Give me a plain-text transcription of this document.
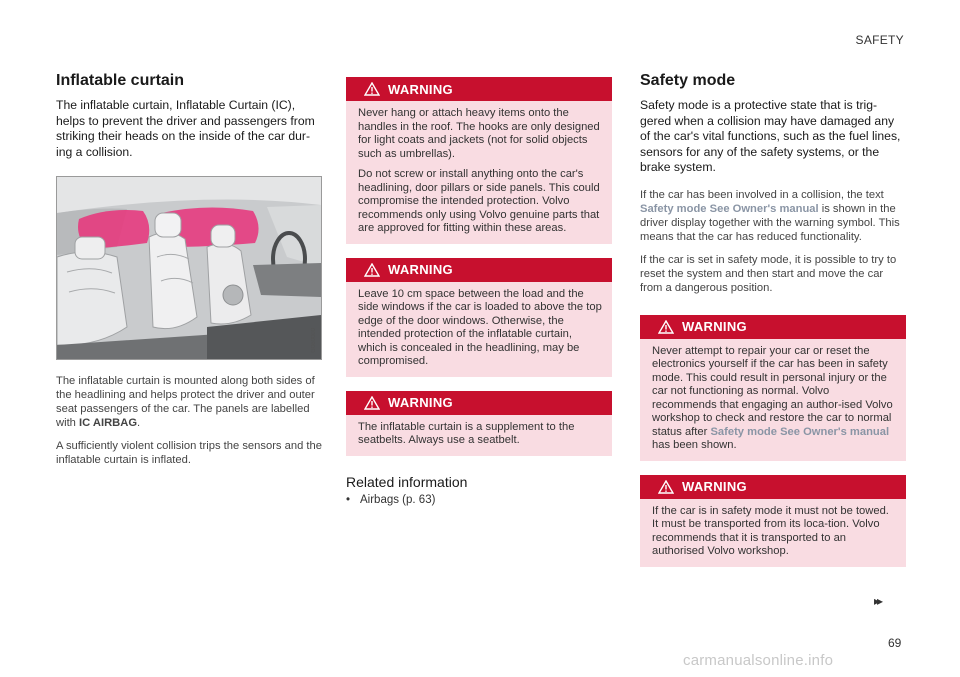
SAFETY
Inflatable curtain

The inflatable curtain, Inflatable Curtain (IC), helps to prevent the driver and passengers from striking their heads on the inside of the car dur-ing a collision.

G060000

The inflatable curtain is mounted along both sides of the headlining and helps protect the driver and outer seat passengers of the car. The panels are labelled with IC AIRBAG.

A sufficiently violent collision trips the sensors and the inflatable curtain is inflated.

WARNING

Never hang or attach heavy items onto the handles in the roof. The hooks are only designed for light coats and jackets (not for solid objects such as umbrellas).

Do not screw or install anything onto the car's headlining, door pillars or side panels. This could compromise the intended protection. Volvo recommends only using Volvo genuine parts that are approved for fitting within these areas.

WARNING

Leave 10 cm space between the load and the side windows if the car is loaded to above the top edge of the door windows. Otherwise, the intended protection of the inflatable curtain, which is concealed in the headlining, may be compromised.

WARNING

The inflatable curtain is a supplement to the seatbelts. Always use a seatbelt.

Related information
• Airbags (p. 63)
Safety mode

Safety mode is a protective state that is trig-gered when a collision may have damaged any of the car's vital functions, such as the fuel lines, sensors for any of the safety systems, or the brake system.

If the car has been involved in a collision, the text Safety mode See Owner's manual is shown in the driver display together with the warning symbol. This means that the car has reduced functionality.

If the car is set in safety mode, it is possible to try to reset the system and then start and move the car from a dangerous position.

WARNING

Never attempt to repair your car or reset the electronics yourself if the car has been in safety mode. This could result in personal injury or the car not functioning as normal. Volvo recommends that engaging an author-ised Volvo workshop to check and restore the car to normal status after Safety mode See Owner's manual has been shown.

WARNING

If the car is in safety mode it must not be towed. It must be transported from its loca-tion. Volvo recommends that it is transported to an authorised Volvo workshop.

▸▸
69
carmanualsonline.info
